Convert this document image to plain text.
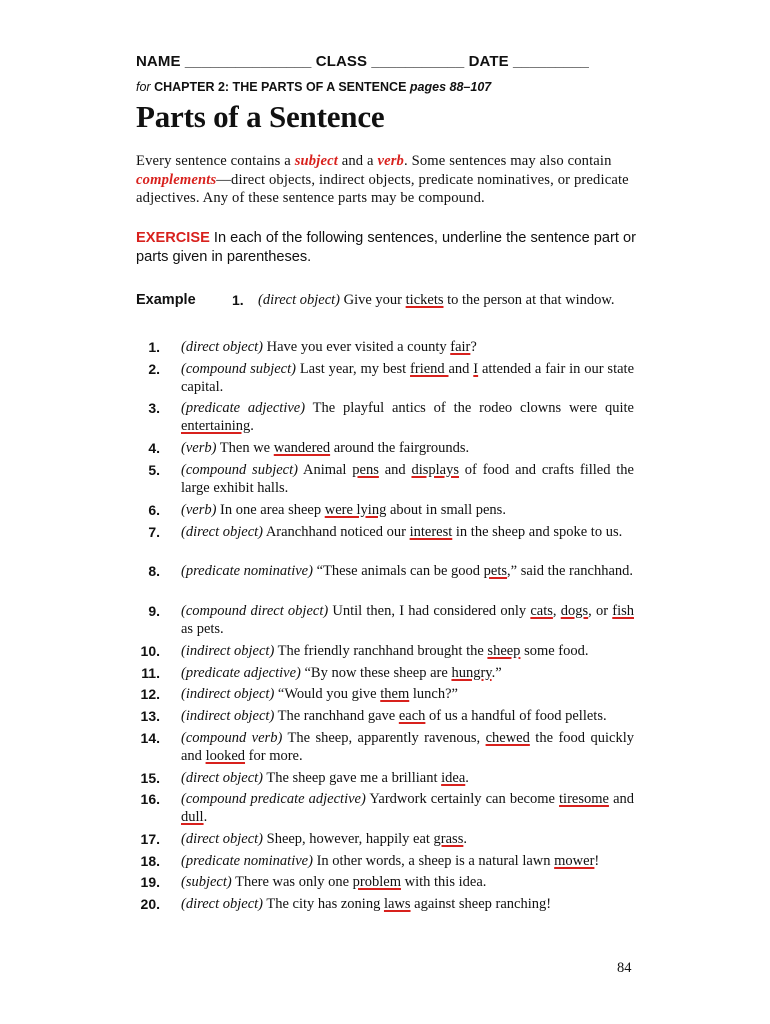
NAME _______________ CLASS ___________ DATE _________
for CHAPTER 2: THE PARTS OF A SENTENCE pages 88–107
Parts of a Sentence
Every sentence contains a subject and a verb. Some sentences may also contain complements—direct objects, indirect objects, predicate nominatives, or predicate adjectives. Any of these sentence parts may be compound.
EXERCISE In each of the following sentences, underline the sentence part or parts given in parentheses.
Example	1. (direct object) Give your tickets to the person at that window.
1. (direct object) Have you ever visited a county fair?
2. (compound subject) Last year, my best friend and I attended a fair in our state capital.
3. (predicate adjective) The playful antics of the rodeo clowns were quite entertaining.
4. (verb) Then we wandered around the fairgrounds.
5. (compound subject) Animal pens and displays of food and crafts filled the large exhibit halls.
6. (verb) In one area sheep were lying about in small pens.
7. (direct object) Aranchhand noticed our interest in the sheep and spoke to us.
8. (predicate nominative) “These animals can be good pets,” said the ranchhand.
9. (compound direct object) Until then, I had considered only cats, dogs, or fish as pets.
10. (indirect object) The friendly ranchhand brought the sheep some food.
11. (predicate adjective) “By now these sheep are hungry.”
12. (indirect object) “Would you give them lunch?”
13. (indirect object) The ranchhand gave each of us a handful of food pellets.
14. (compound verb) The sheep, apparently ravenous, chewed the food quickly and looked for more.
15. (direct object) The sheep gave me a brilliant idea.
16. (compound predicate adjective) Yardwork certainly can become tiresome and dull.
17. (direct object) Sheep, however, happily eat grass.
18. (predicate nominative) In other words, a sheep is a natural lawn mower!
19. (subject) There was only one problem with this idea.
20. (direct object) The city has zoning laws against sheep ranching!
84
